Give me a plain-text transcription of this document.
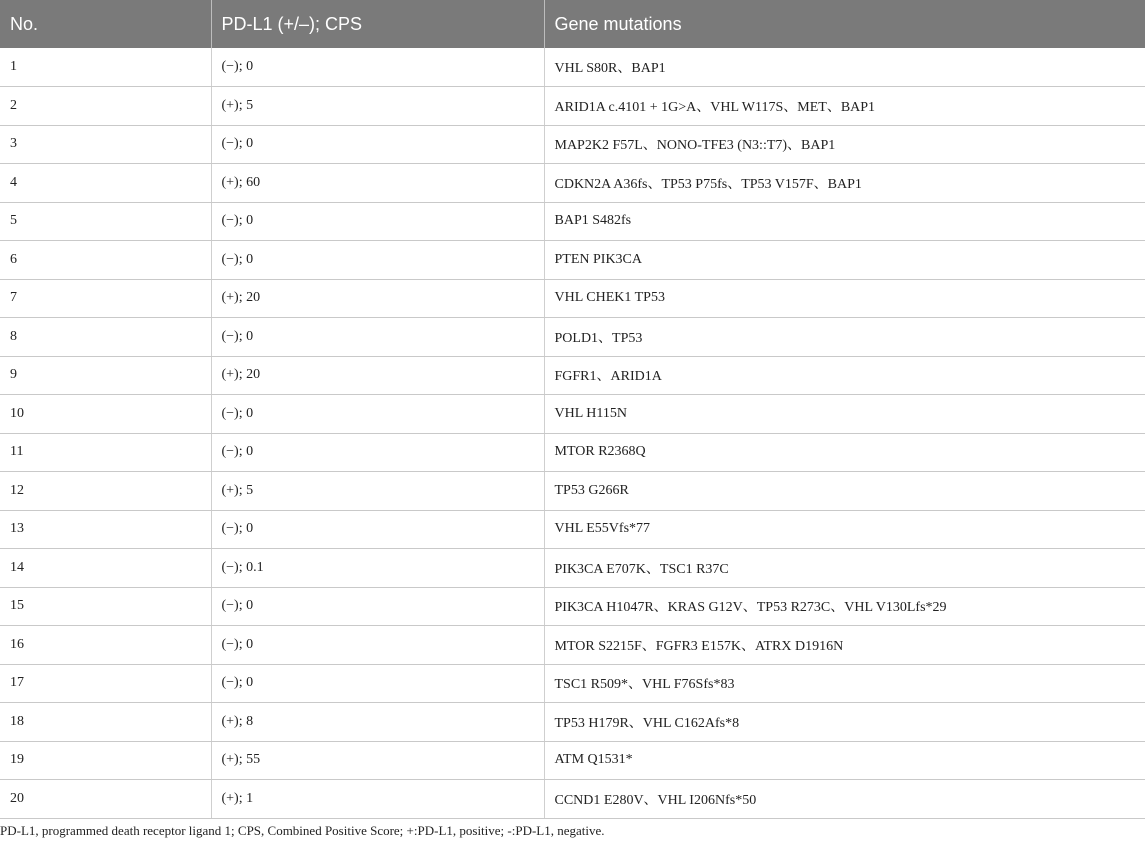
No.	PD-L1 (+/–); CPS	Gene mutations
1	(−); 0	VHL S80R、BAP1
2	(+); 5	ARID1A c.4101 + 1G>A、VHL W117S、MET、BAP1
3	(−); 0	MAP2K2 F57L、NONO-TFE3 (N3::T7)、BAP1
4	(+); 60	CDKN2A A36fs、TP53 P75fs、TP53 V157F、BAP1
5	(−); 0	BAP1 S482fs
6	(−); 0	PTEN PIK3CA
7	(+); 20	VHL CHEK1 TP53
8	(−); 0	POLD1、TP53
9	(+); 20	FGFR1、ARID1A
10	(−); 0	VHL H115N
11	(−); 0	MTOR R2368Q
12	(+); 5	TP53 G266R
13	(−); 0	VHL E55Vfs*77
14	(−); 0.1	PIK3CA E707K、TSC1 R37C
15	(−); 0	PIK3CA H1047R、KRAS G12V、TP53 R273C、VHL V130Lfs*29
16	(−); 0	MTOR S2215F、FGFR3 E157K、ATRX D1916N
17	(−); 0	TSC1 R509*、VHL F76Sfs*83
18	(+); 8	TP53 H179R、VHL C162Afs*8
19	(+); 55	ATM Q1531*
20	(+); 1	CCND1 E280V、VHL I206Nfs*50
PD-L1, programmed death receptor ligand 1; CPS, Combined Positive Score; +:PD-L1, positive; -:PD-L1, negative.
